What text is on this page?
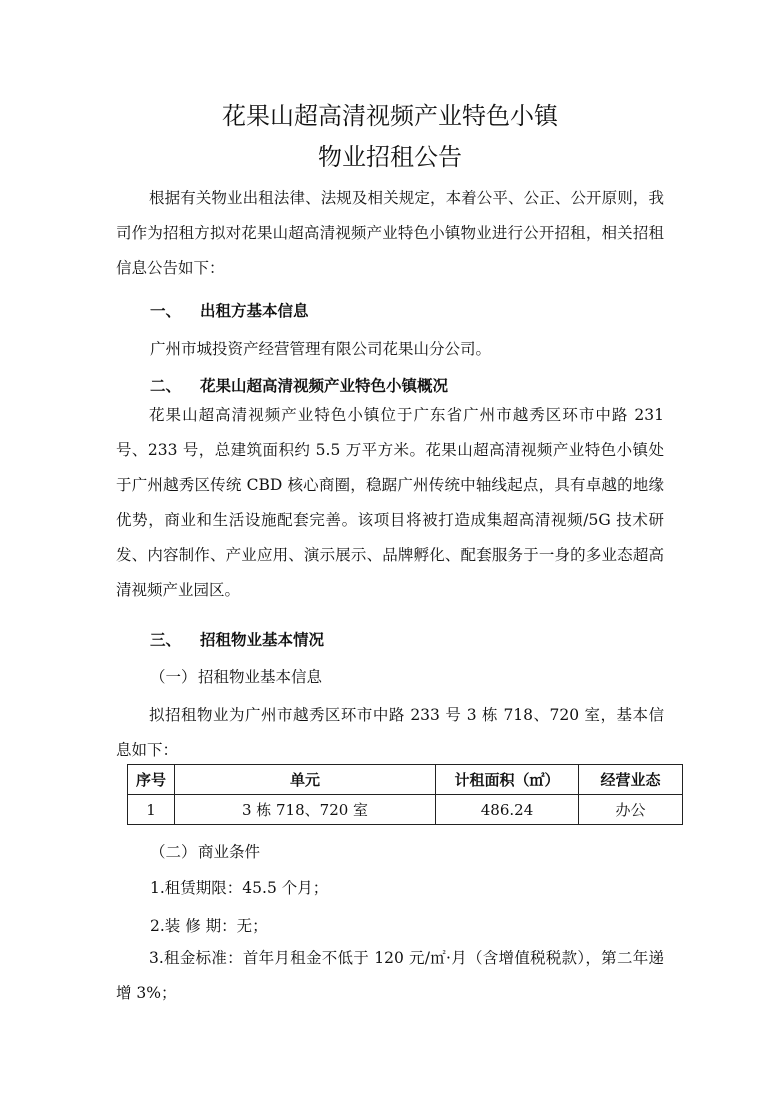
花果山超高清视频产业特色小镇
物业招租公告

根据有关物业出租法律、法规及相关规定，本着公平、公正、公开原则，我司作为招租方拟对花果山超高清视频产业特色小镇物业进行公开招租，相关招租信息公告如下：

一、 出租方基本信息

广州市城投资产经营管理有限公司花果山分公司。

二、 花果山超高清视频产业特色小镇概况

花果山超高清视频产业特色小镇位于广东省广州市越秀区环市中路 231 号、233 号，总建筑面积约 5.5 万平方米。花果山超高清视频产业特色小镇处于广州越秀区传统 CBD 核心商圈，稳踞广州传统中轴线起点，具有卓越的地缘优势，商业和生活设施配套完善。该项目将被打造成集超高清视频/5G 技术研发、内容制作、产业应用、演示展示、品牌孵化、配套服务于一身的多业态超高清视频产业园区。

三、 招租物业基本情况

（一）招租物业基本信息

拟招租物业为广州市越秀区环市中路 233 号 3 栋 718、720 室，基本信息如下：

序号	单元	计租面积（㎡）	经营业态
1	3 栋 718、720 室	486.24	办公

（二）商业条件

1.租赁期限：45.5 个月；

2.装 修 期：无；

3.租金标准：首年月租金不低于 120 元/㎡·月（含增值税税款），第二年递增 3%；
